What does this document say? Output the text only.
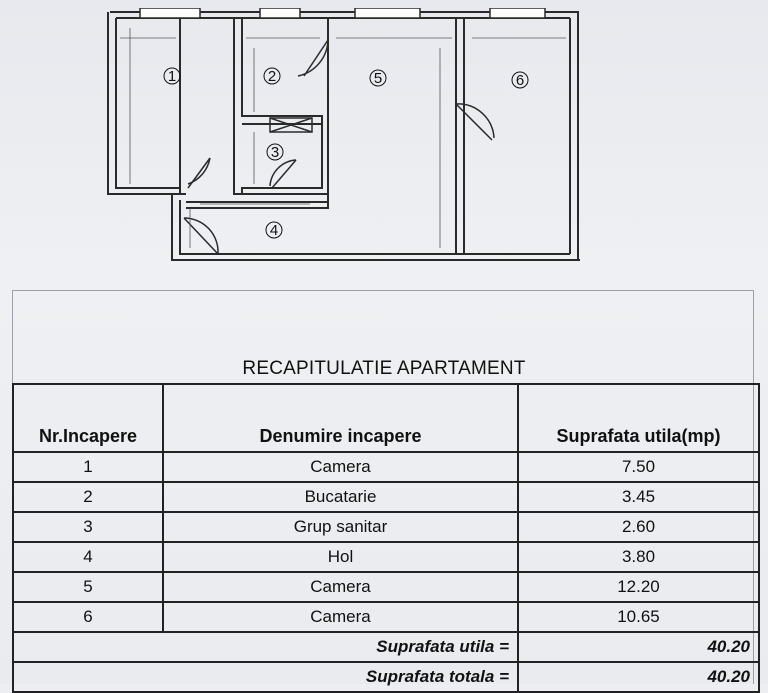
1	2
3
4
5	6
RECAPITULATIE APARTAMENT
Nr.Incapere	Denumire incapere	Suprafata utila(mp)
1	Camera	7.50
2	Bucatarie	3.45
3	Grup sanitar	2.60
4	Hol	3.80
5	Camera	12.20
6	Camera	10.65
Suprafata utila =		40.20
Suprafata totala =		40.20
